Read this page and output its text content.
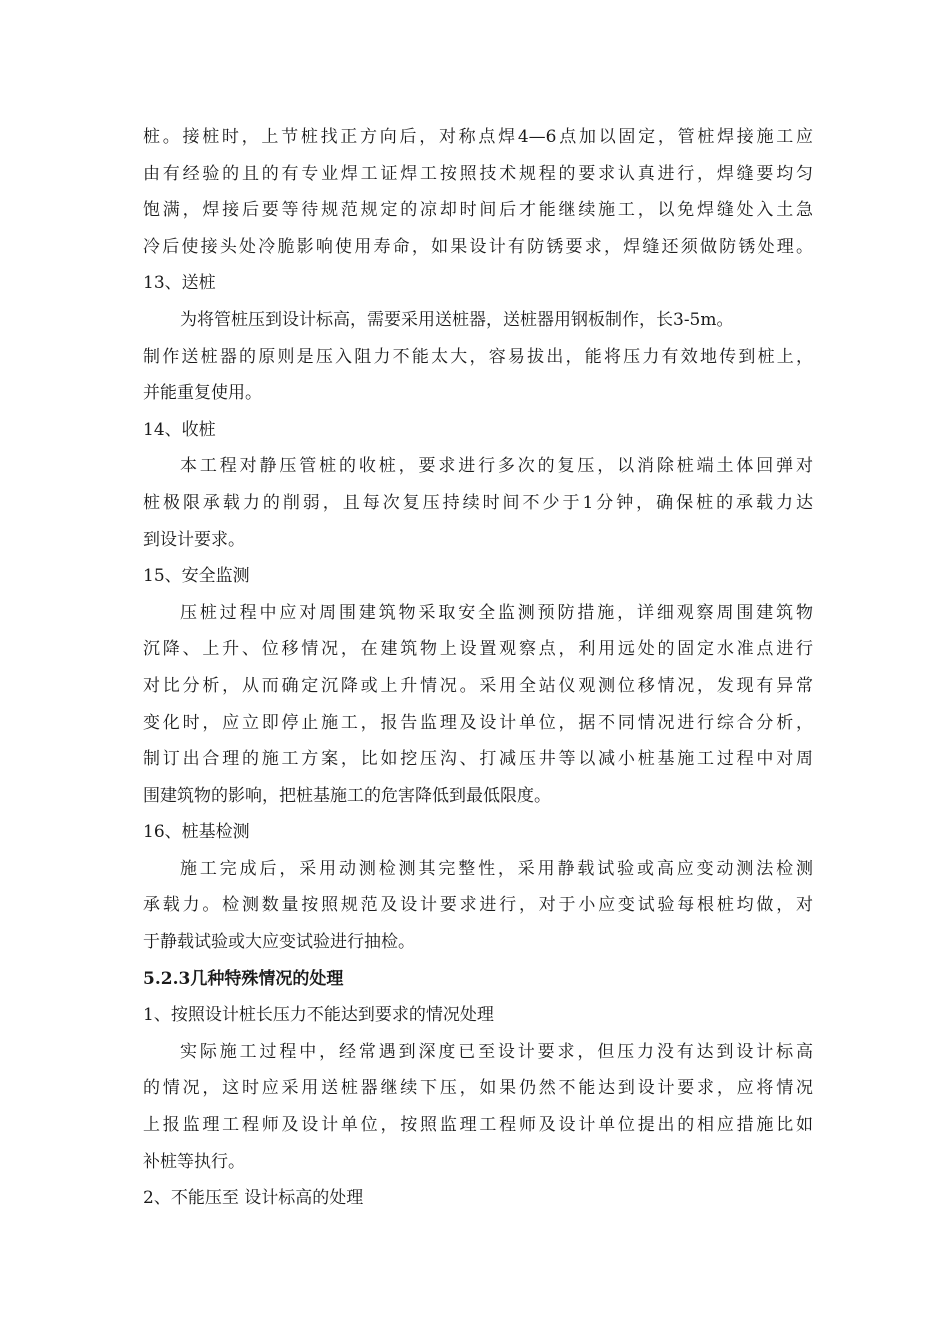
桩。接桩时，上节桩找正方向后，对称点焊4—6点加以固定，管桩焊接施工应
由有经验的且的有专业焊工证焊工按照技术规程的要求认真进行，焊缝要均匀
饱满，焊接后要等待规范规定的凉却时间后才能继续施工，以免焊缝处入土急
冷后使接头处冷脆影响使用寿命，如果设计有防锈要求，焊缝还须做防锈处理。
13、送桩
为将管桩压到设计标高，需要采用送桩器，送桩器用钢板制作，长3-5m。
制作送桩器的原则是压入阻力不能太大，容易拔出，能将压力有效地传到桩上，
并能重复使用。
14、收桩
本工程对静压管桩的收桩，要求进行多次的复压，以消除桩端土体回弹对
桩极限承载力的削弱，且每次复压持续时间不少于1分钟，确保桩的承载力达
到设计要求。
15、安全监测
压桩过程中应对周围建筑物采取安全监测预防措施，详细观察周围建筑物
沉降、上升、位移情况，在建筑物上设置观察点，利用远处的固定水准点进行
对比分析，从而确定沉降或上升情况。采用全站仪观测位移情况，发现有异常
变化时，应立即停止施工，报告监理及设计单位，据不同情况进行综合分析，
制订出合理的施工方案，比如挖压沟、打减压井等以减小桩基施工过程中对周
围建筑物的影响，把桩基施工的危害降低到最低限度。
16、桩基检测
施工完成后，采用动测检测其完整性，采用静载试验或高应变动测法检测
承载力。检测数量按照规范及设计要求进行，对于小应变试验每根桩均做，对
于静载试验或大应变试验进行抽检。
5.2.3几种特殊情况的处理
1、按照设计桩长压力不能达到要求的情况处理
实际施工过程中，经常遇到深度已至设计要求，但压力没有达到设计标高
的情况，这时应采用送桩器继续下压，如果仍然不能达到设计要求，应将情况
上报监理工程师及设计单位，按照监理工程师及设计单位提出的相应措施比如
补桩等执行。
2、不能压至 设计标高的处理
